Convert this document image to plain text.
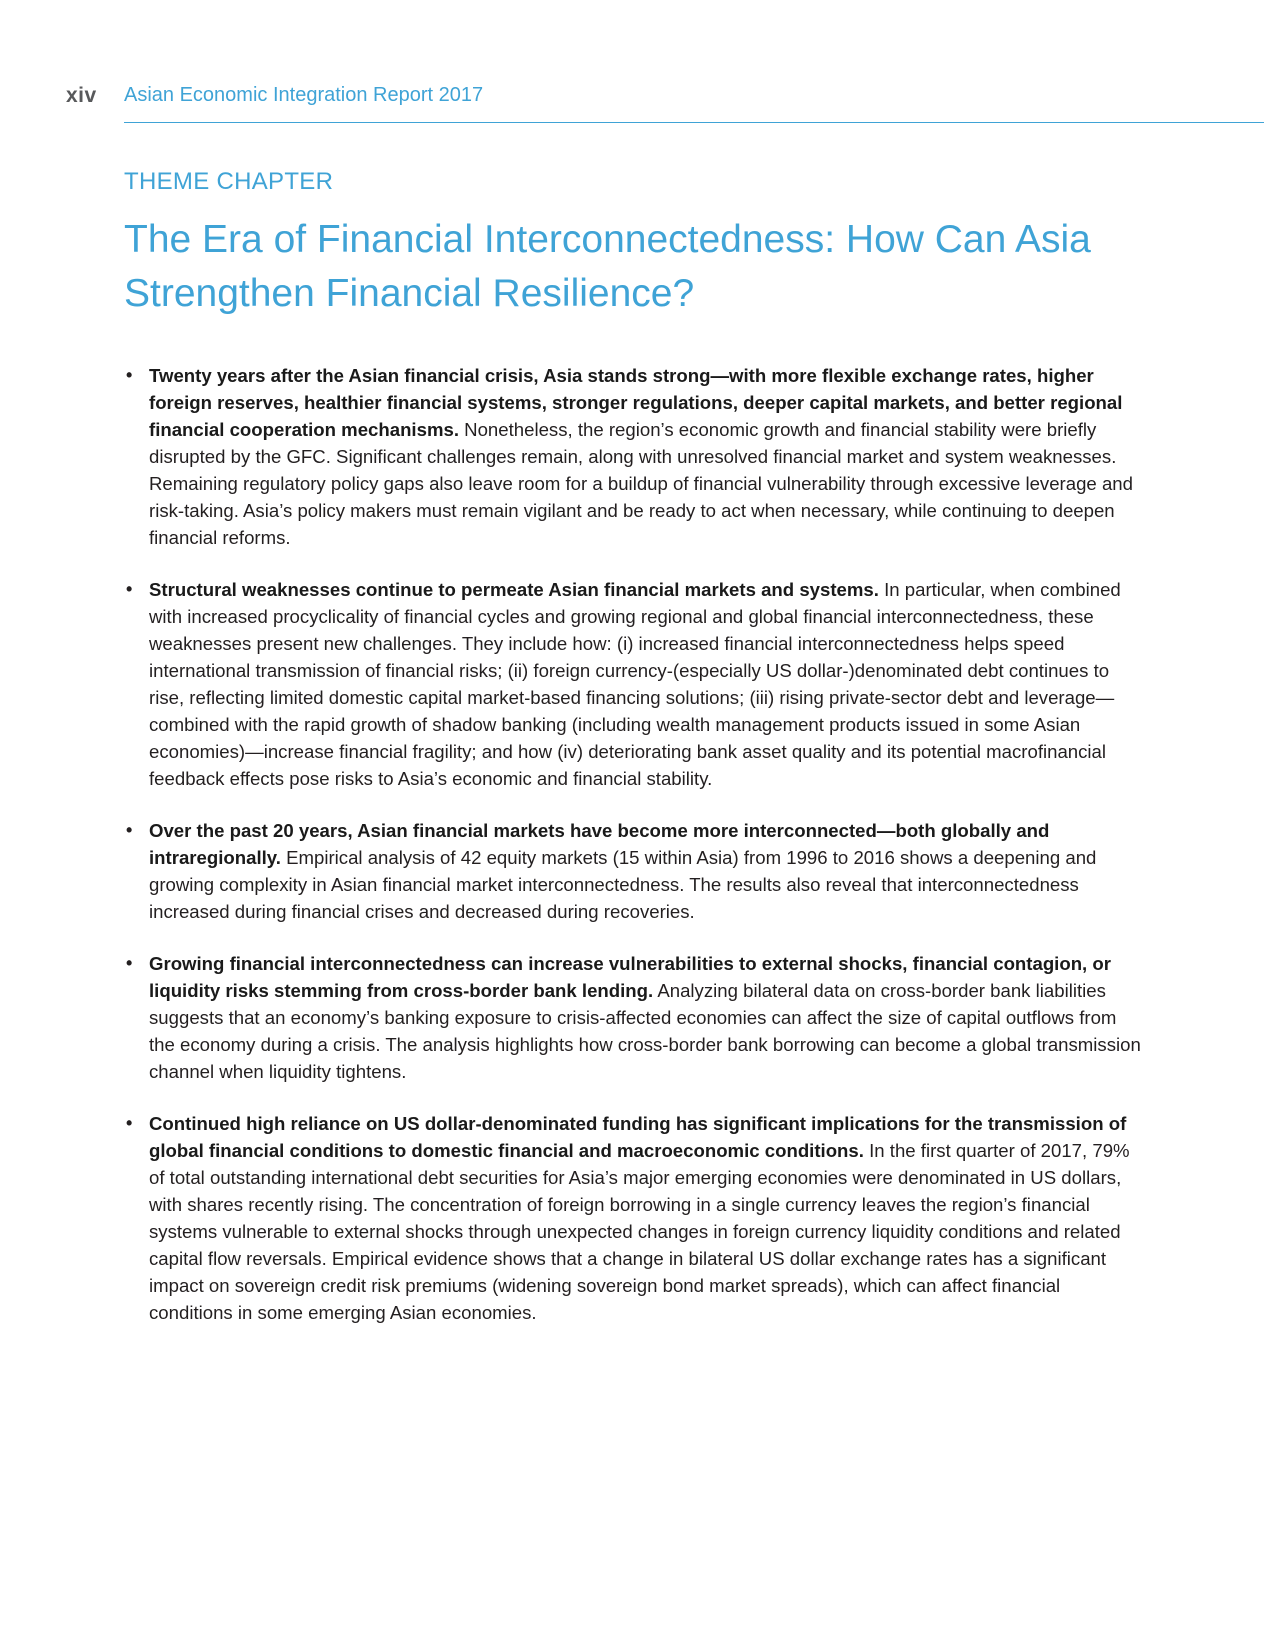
xiv Asian Economic Integration Report 2017
THEME CHAPTER
The Era of Financial Interconnectedness: How Can Asia Strengthen Financial Resilience?
• Twenty years after the Asian financial crisis, Asia stands strong—with more flexible exchange rates, higher foreign reserves, healthier financial systems, stronger regulations, deeper capital markets, and better regional financial cooperation mechanisms. Nonetheless, the region’s economic growth and financial stability were briefly disrupted by the GFC. Significant challenges remain, along with unresolved financial market and system weaknesses. Remaining regulatory policy gaps also leave room for a buildup of financial vulnerability through excessive leverage and risk-taking. Asia’s policy makers must remain vigilant and be ready to act when necessary, while continuing to deepen financial reforms.
• Structural weaknesses continue to permeate Asian financial markets and systems. In particular, when combined with increased procyclicality of financial cycles and growing regional and global financial interconnectedness, these weaknesses present new challenges. They include how: (i) increased financial interconnectedness helps speed international transmission of financial risks; (ii) foreign currency-(especially US dollar-)denominated debt continues to rise, reflecting limited domestic capital market-based financing solutions; (iii) rising private-sector debt and leverage—combined with the rapid growth of shadow banking (including wealth management products issued in some Asian economies)—increase financial fragility; and how (iv) deteriorating bank asset quality and its potential macrofinancial feedback effects pose risks to Asia’s economic and financial stability.
• Over the past 20 years, Asian financial markets have become more interconnected—both globally and intraregionally. Empirical analysis of 42 equity markets (15 within Asia) from 1996 to 2016 shows a deepening and growing complexity in Asian financial market interconnectedness. The results also reveal that interconnectedness increased during financial crises and decreased during recoveries.
• Growing financial interconnectedness can increase vulnerabilities to external shocks, financial contagion, or liquidity risks stemming from cross-border bank lending. Analyzing bilateral data on cross-border bank liabilities suggests that an economy’s banking exposure to crisis-affected economies can affect the size of capital outflows from the economy during a crisis. The analysis highlights how cross-border bank borrowing can become a global transmission channel when liquidity tightens.
• Continued high reliance on US dollar-denominated funding has significant implications for the transmission of global financial conditions to domestic financial and macroeconomic conditions. In the first quarter of 2017, 79% of total outstanding international debt securities for Asia’s major emerging economies were denominated in US dollars, with shares recently rising. The concentration of foreign borrowing in a single currency leaves the region’s financial systems vulnerable to external shocks through unexpected changes in foreign currency liquidity conditions and related capital flow reversals. Empirical evidence shows that a change in bilateral US dollar exchange rates has a significant impact on sovereign credit risk premiums (widening sovereign bond market spreads), which can affect financial conditions in some emerging Asian economies.
